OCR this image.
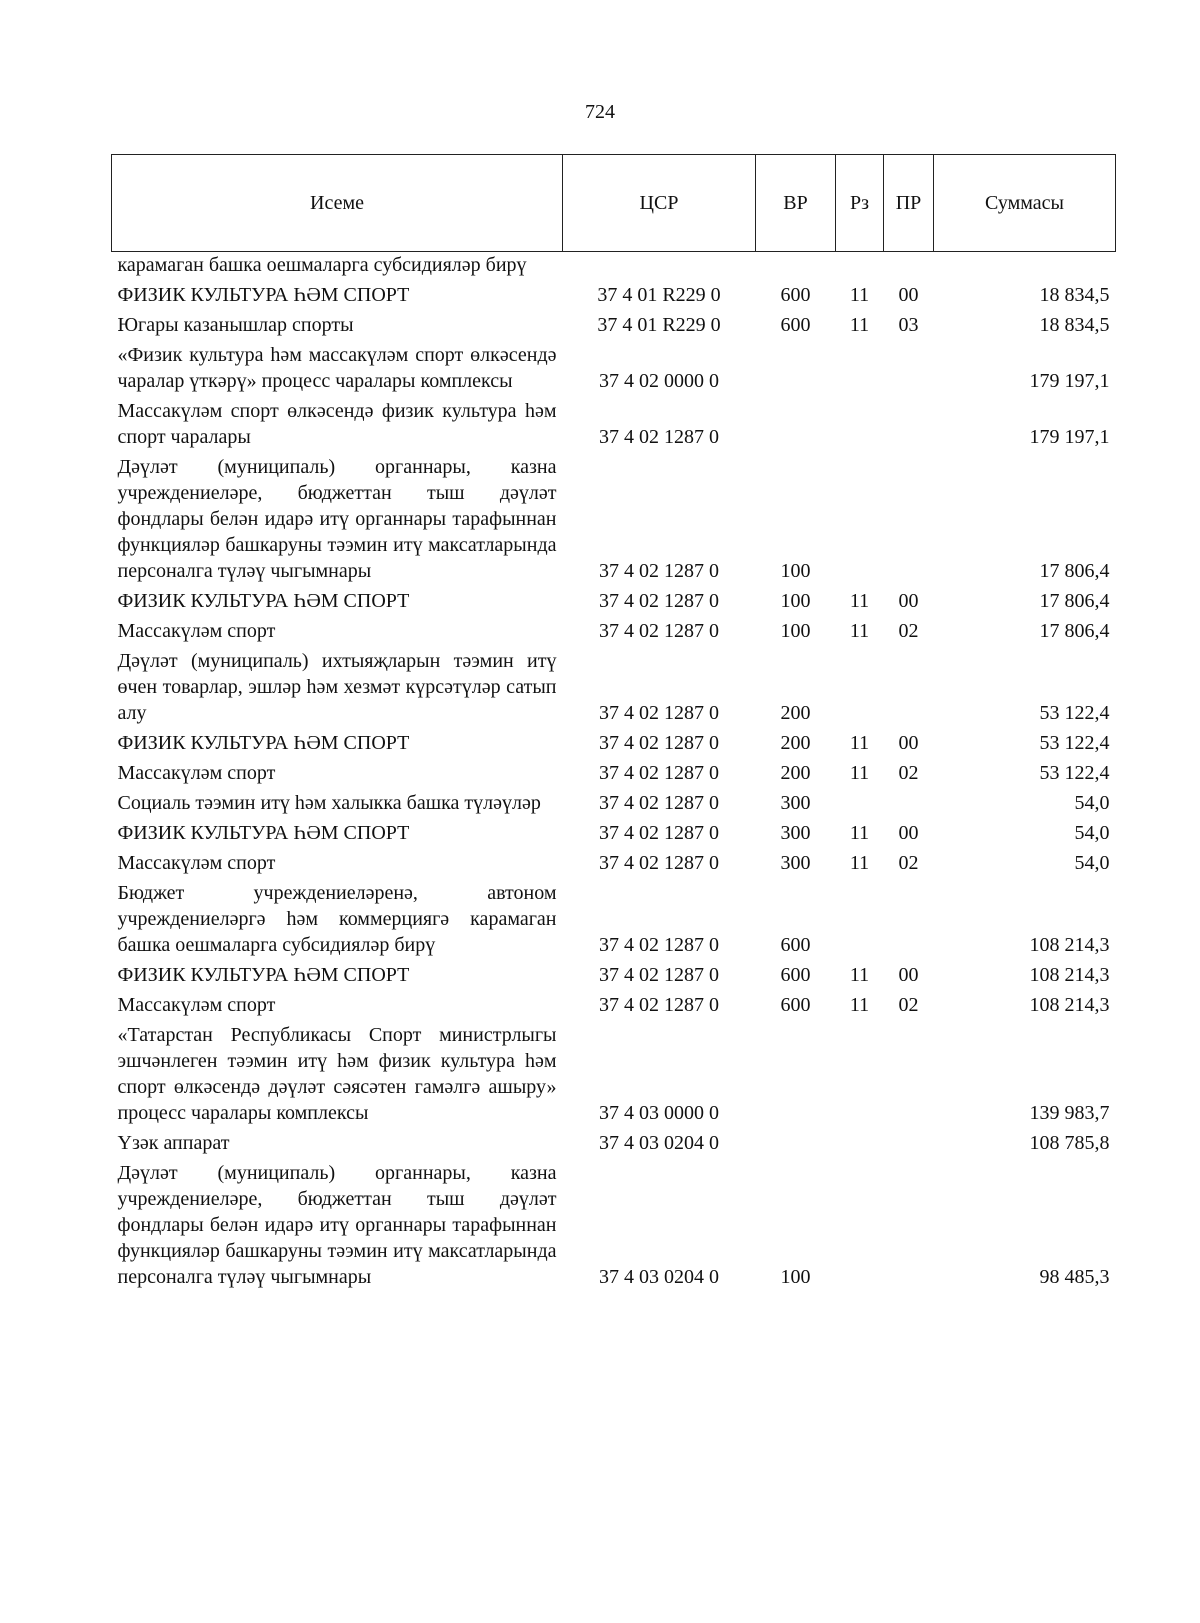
724
Исеме	ЦСР	ВР	Рз	ПР	Суммасы
карамаган башка оешмаларга субсидияләр бирү					
ФИЗИК КУЛЬТУРА ҺӘМ СПОРТ	37 4 01 R229 0	600	11	00	18 834,5
Югары казанышлар спорты	37 4 01 R229 0	600	11	03	18 834,5
«Физик культура һәм массакүләм спорт өлкәсендә чаралар үткәрү» процесс чаралары комплексы	37 4 02 0000 0				179 197,1
Массакүләм спорт өлкәсендә физик культура һәм спорт чаралары	37 4 02 1287 0				179 197,1
Дәүләт (муниципаль) органнары, казна учреждениеләре, бюджеттан тыш дәүләт фондлары белән идарә итү органнары тарафыннан функцияләр башкаруны тәэмин итү максатларында персоналга түләү чыгымнары	37 4 02 1287 0	100			17 806,4
ФИЗИК КУЛЬТУРА ҺӘМ СПОРТ	37 4 02 1287 0	100	11	00	17 806,4
Массакүләм спорт	37 4 02 1287 0	100	11	02	17 806,4
Дәүләт (муниципаль) ихтыяҗларын тәэмин итү өчен товарлар, эшләр һәм хезмәт күрсәтүләр сатып алу	37 4 02 1287 0	200			53 122,4
ФИЗИК КУЛЬТУРА ҺӘМ СПОРТ	37 4 02 1287 0	200	11	00	53 122,4
Массакүләм спорт	37 4 02 1287 0	200	11	02	53 122,4
Социаль тәэмин итү һәм халыкка башка түләүләр	37 4 02 1287 0	300			54,0
ФИЗИК КУЛЬТУРА ҺӘМ СПОРТ	37 4 02 1287 0	300	11	00	54,0
Массакүләм спорт	37 4 02 1287 0	300	11	02	54,0
Бюджет учреждениеләренә, автоном учреждениеләргә һәм коммерциягә карамаган башка оешмаларга субсидияләр бирү	37 4 02 1287 0	600			108 214,3
ФИЗИК КУЛЬТУРА ҺӘМ СПОРТ	37 4 02 1287 0	600	11	00	108 214,3
Массакүләм спорт	37 4 02 1287 0	600	11	02	108 214,3
«Татарстан Республикасы Спорт министрлыгы эшчәнлеген тәэмин итү һәм физик культура һәм спорт өлкәсендә дәүләт сәясәтен гамәлгә ашыру» процесс чаралары комплексы	37 4 03 0000 0				139 983,7
Үзәк аппарат	37 4 03 0204 0				108 785,8
Дәүләт (муниципаль) органнары, казна учреждениеләре, бюджеттан тыш дәүләт фондлары белән идарә итү органнары тарафыннан функцияләр башкаруны тәэмин итү максатларында персоналга түләү чыгымнары	37 4 03 0204 0	100			98 485,3
